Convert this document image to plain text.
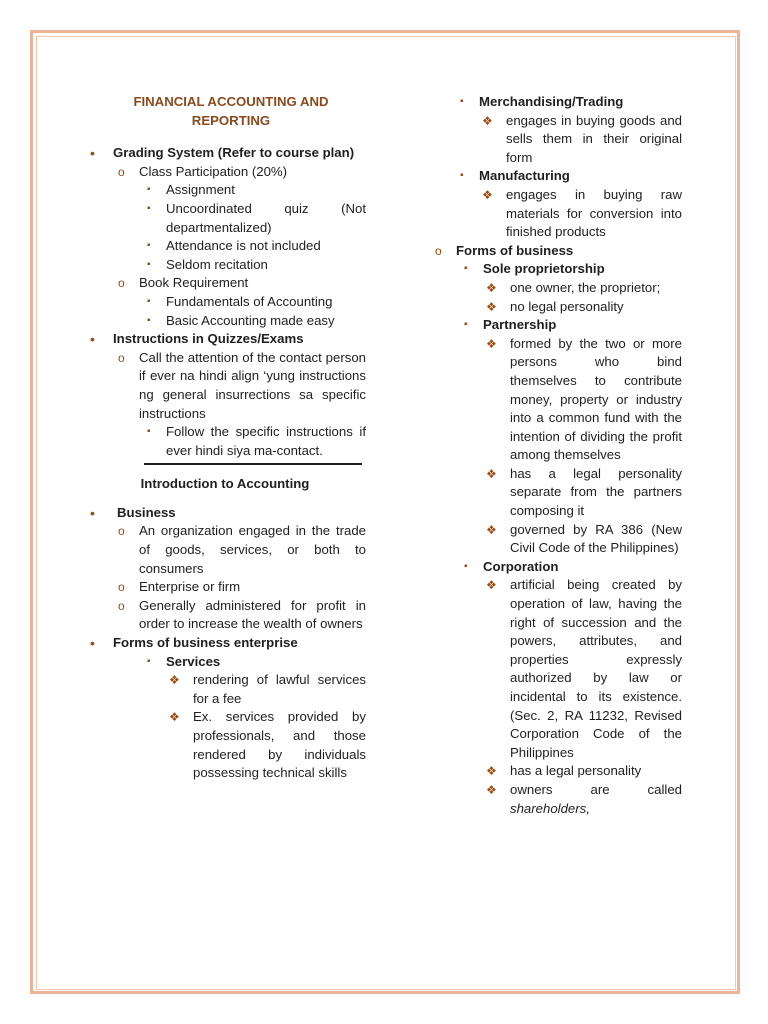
FINANCIAL ACCOUNTING AND REPORTING
• Grading System (Refer to course plan)
o Class Participation (20%)
▪ Assignment
▪ Uncoordinated quiz (Not departmentalized)
▪ Attendance is not included
▪ Seldom recitation
o Book Requirement
▪ Fundamentals of Accounting
▪ Basic Accounting made easy
• Instructions in Quizzes/Exams
o Call the attention of the contact person if ever na hindi align ‘yung instructions ng general insurrections sa specific instructions
▪ Follow the specific instructions if ever hindi siya ma-contact.
Introduction to Accounting
•	Business
o An organization engaged in the trade of goods, services, or both to consumers
o Enterprise or firm
o Generally administered for profit in order to increase the wealth of owners
• Forms of business enterprise
▪ Services
❖ rendering of lawful services for a fee
❖ Ex. services provided by professionals, and those rendered by individuals possessing technical skills
▪ Merchandising/Trading
❖ engages in buying goods and sells them in their original form
▪ Manufacturing
❖ engages in buying raw materials for conversion into finished products
o Forms of business
▪ Sole proprietorship
❖ one owner, the proprietor;
❖ no legal personality
▪ Partnership
❖ formed by the two or more persons who bind themselves to contribute money, property or industry into a common fund with the intention of dividing the profit among themselves
❖ has a legal personality separate from the partners composing it
❖ governed by RA 386 (New Civil Code of the Philippines)
▪ Corporation
❖ artificial being created by operation of law, having the right of succession and the powers, attributes, and properties expressly authorized by law or incidental to its existence. (Sec. 2, RA 11232, Revised Corporation Code of the Philippines
❖ has a legal personality
❖ owners are called
shareholders,
